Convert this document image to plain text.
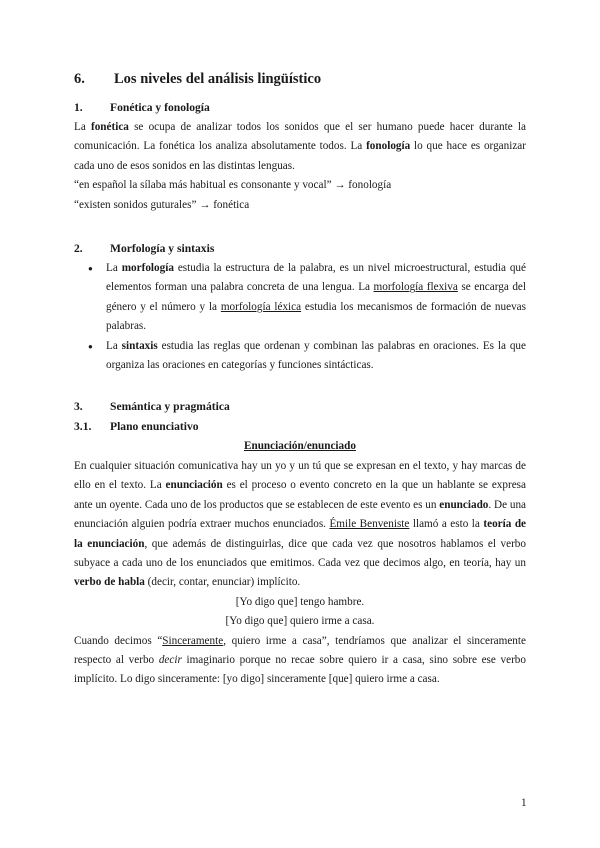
6.	Los niveles del análisis lingüístico
1.	Fonética y fonología

La fonética se ocupa de analizar todos los sonidos que el ser humano puede hacer durante la comunicación. La fonética los analiza absolutamente todos. La fonología lo que hace es organizar cada uno de esos sonidos en las distintas lenguas.

“en español la sílaba más habitual es consonante y vocal” → fonología

“existen sonidos guturales” → fonética

2.	Morfología y sintaxis
● La morfología estudia la estructura de la palabra, es un nivel microestructural, estudia qué elementos forman una palabra concreta de una lengua. La morfología flexiva se encarga del género y el número y la morfología léxica estudia los mecanismos de formación de nuevas palabras.
● La sintaxis estudia las reglas que ordenan y combinan las palabras en oraciones. Es la que organiza las oraciones en categorías y funciones sintácticas.
3.	Semántica y pragmática
3.1.	Plano enunciativo

Enunciación/enunciado

En cualquier situación comunicativa hay un yo y un tú que se expresan en el texto, y hay marcas de ello en el texto. La enunciación es el proceso o evento concreto en la que un hablante se expresa ante un oyente. Cada uno de los productos que se establecen de este evento es un enunciado. De una enunciación alguien podría extraer muchos enunciados. Émile Benveniste llamó a esto la teoría de la enunciación, que además de distinguirlas, dice que cada vez que nosotros hablamos el verbo subyace a cada uno de los enunciados que emitimos. Cada vez que decimos algo, en teoría, hay un verbo de habla (decir, contar, enunciar) implícito.

[Yo digo que] tengo hambre.

[Yo digo que] quiero irme a casa.

Cuando decimos “Sinceramente, quiero irme a casa”, tendríamos que analizar el sinceramente respecto al verbo decir imaginario porque no recae sobre quiero ir a casa, sino sobre ese verbo implícito. Lo digo sinceramente: [yo digo] sinceramente [que] quiero irme a casa.

1
